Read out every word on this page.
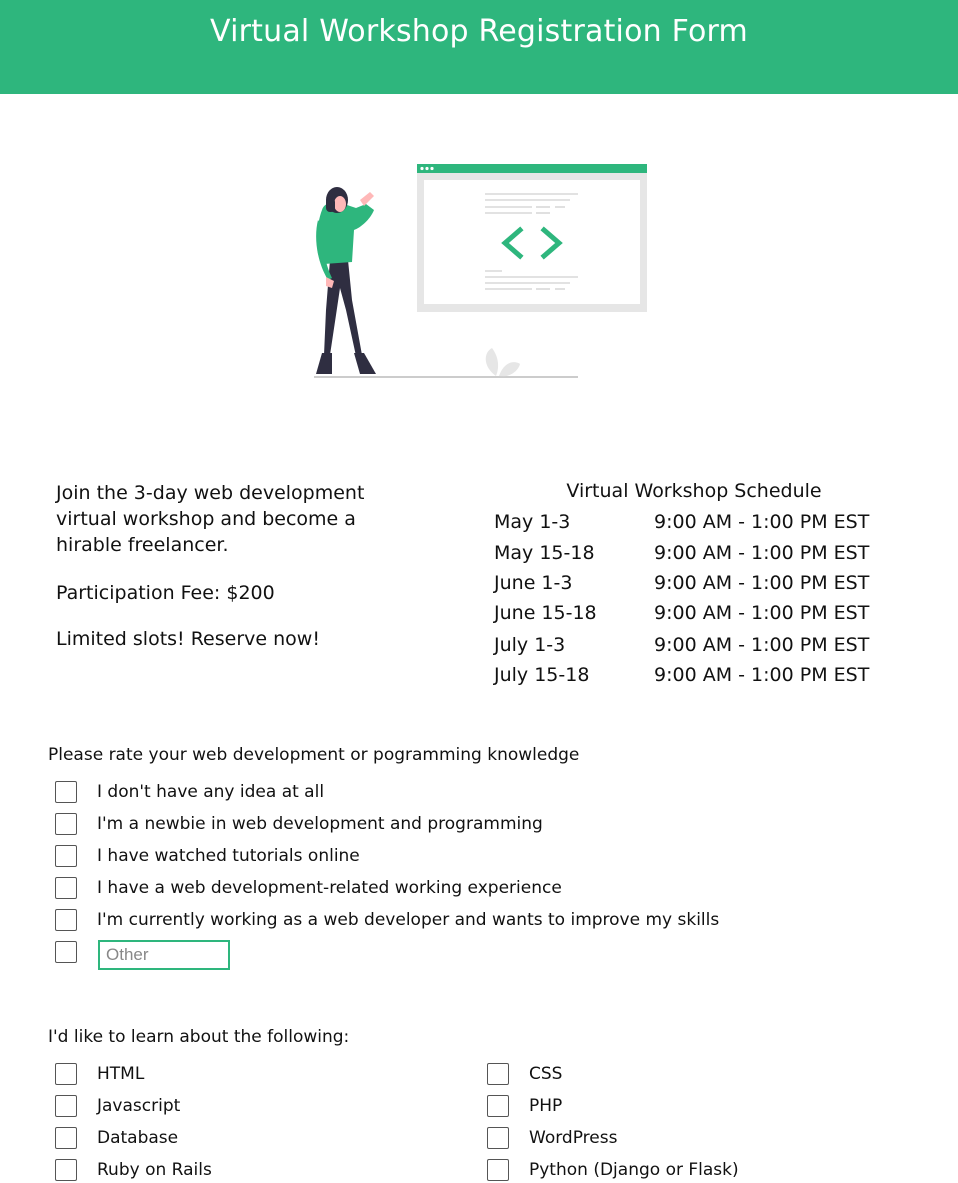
Virtual Workshop Registration Form

Join the 3-day web development virtual workshop and become a hirable freelancer.

Participation Fee: $200

Limited slots! Reserve now!

Virtual Workshop Schedule
May 1-3	9:00 AM - 1:00 PM EST
May 15-18	9:00 AM - 1:00 PM EST
June 1-3	9:00 AM - 1:00 PM EST
June 15-18	9:00 AM - 1:00 PM EST
July 1-3	9:00 AM - 1:00 PM EST
July 15-18	9:00 AM - 1:00 PM EST
Please rate your web development or pogramming knowledge
I don't have any idea at all
I'm a newbie in web development and programming
I have watched tutorials online
I have a web development-related working experience
I'm currently working as a web developer and wants to improve my skills
Other
I'd like to learn about the following:
HTML
Javascript
Database
Ruby on Rails
CSS
PHP
WordPress
Python (Django or Flask)
